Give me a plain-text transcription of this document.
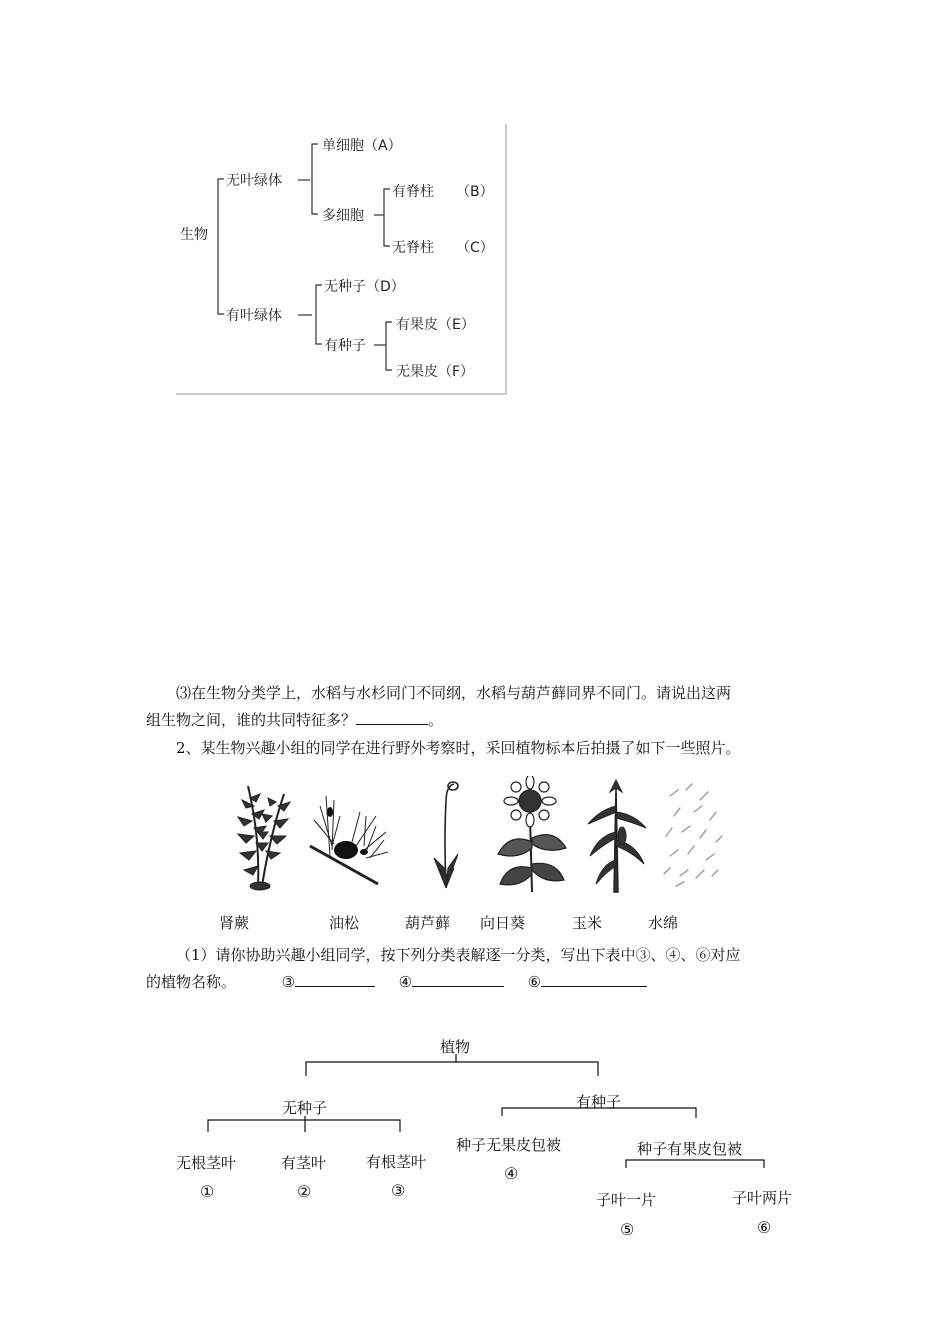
生物
无叶绿体
有叶绿体
单细胞（A）
多细胞
有脊柱 （B）
无脊柱 （C）
无种子（D）
有种子
有果皮（E）
无果皮（F）
⑶在生物分类学上，水稻与水杉同门不同纲，水稻与葫芦藓同界不同门。请说出这两
组生物之间，谁的共同特征多？	。
2、某生物兴趣小组的同学在进行野外考察时，采回植物标本后拍摄了如下一些照片。
肾蕨	油松	葫芦藓 向日葵	玉米	水绵
（1）请你协助兴趣小组同学，按下列分类表解逐一分类，写出下表中③、④、⑥对应
的植物名称。	③	④	⑥
植物
无种子	有种子
无根茎叶	有茎叶	有根茎叶
种子无果皮包被	种子有果皮包被
子叶一片	子叶两片
①	②	③
④
⑤	⑥
